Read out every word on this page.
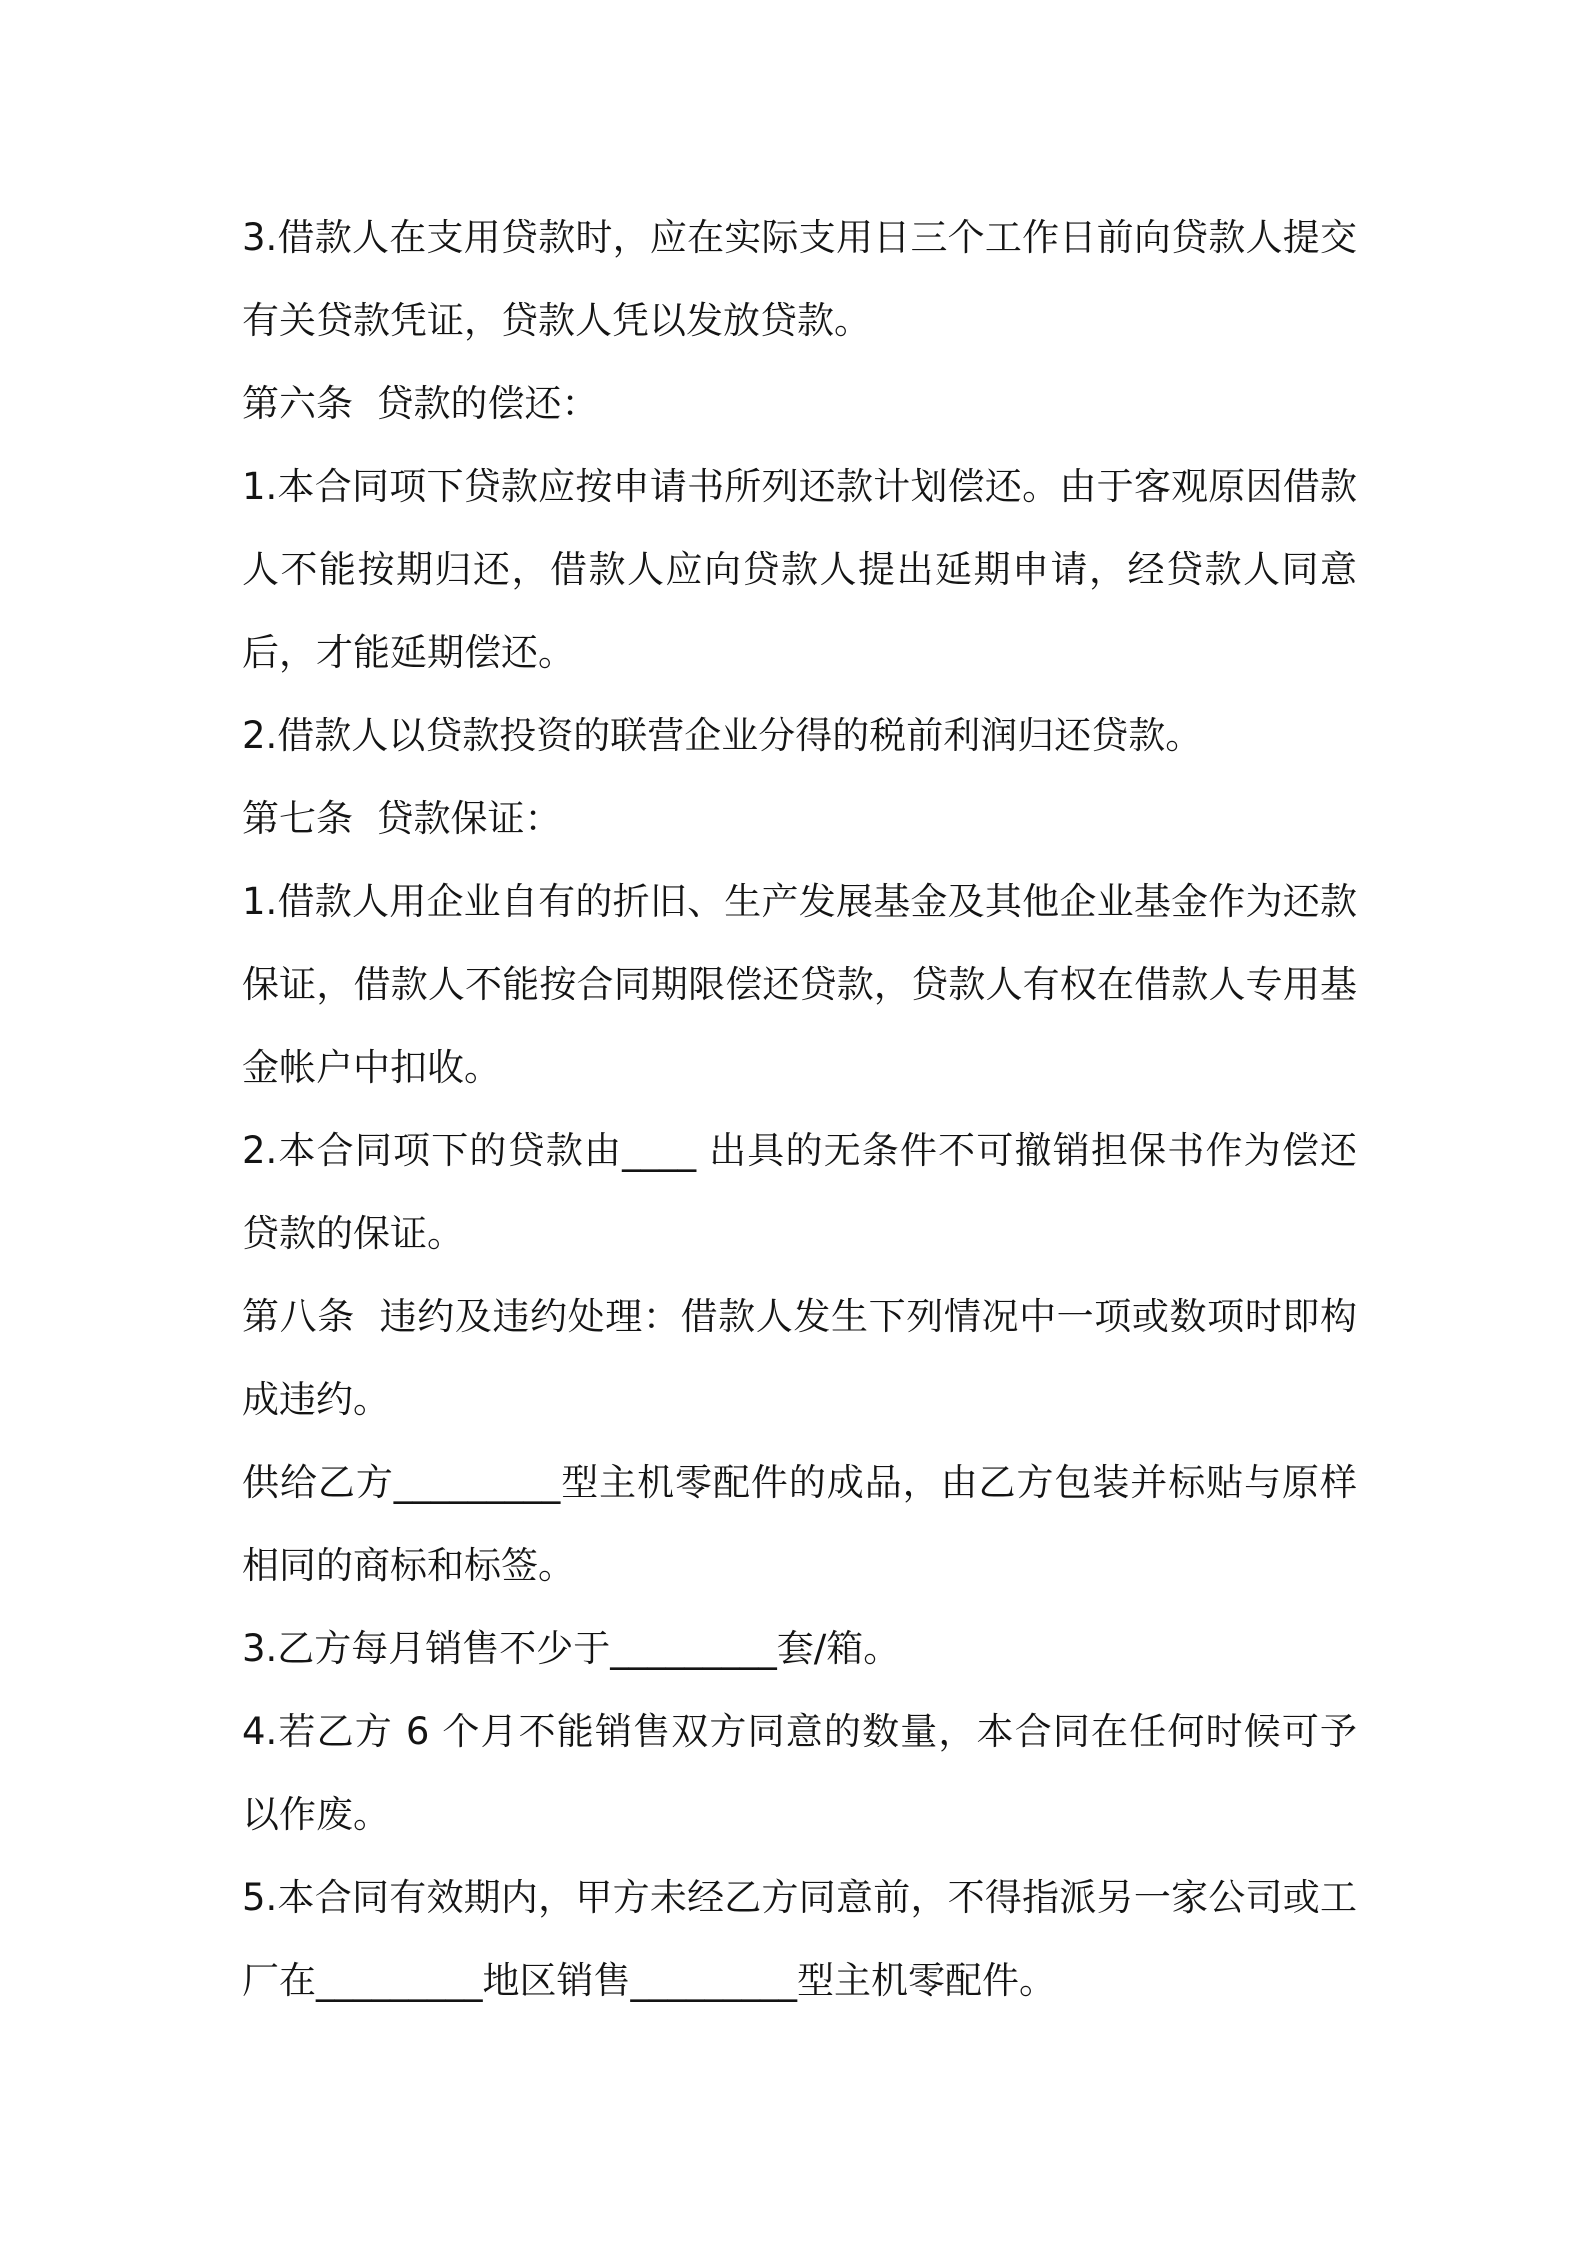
3.借款人在支用贷款时，应在实际支用日三个工作日前向贷款人提交有关贷款凭证，贷款人凭以发放贷款。

第六条  贷款的偿还：

1.本合同项下贷款应按申请书所列还款计划偿还。由于客观原因借款人不能按期归还，借款人应向贷款人提出延期申请，经贷款人同意后，才能延期偿还。

2.借款人以贷款投资的联营企业分得的税前利润归还贷款。

第七条  贷款保证：

1.借款人用企业自有的折旧、生产发展基金及其他企业基金作为还款保证，借款人不能按合同期限偿还贷款，贷款人有权在借款人专用基金帐户中扣收。

2.本合同项下的贷款由____ 出具的无条件不可撤销担保书作为偿还贷款的保证。

第八条  违约及违约处理：借款人发生下列情况中一项或数项时即构成违约。

供给乙方_________型主机零配件的成品，由乙方包装并标贴与原样相同的商标和标签。

3.乙方每月销售不少于_________套/箱。

4.若乙方 6 个月不能销售双方同意的数量，本合同在任何时候可予以作废。

5.本合同有效期内，甲方未经乙方同意前，不得指派另一家公司或工厂在_________地区销售_________型主机零配件。
